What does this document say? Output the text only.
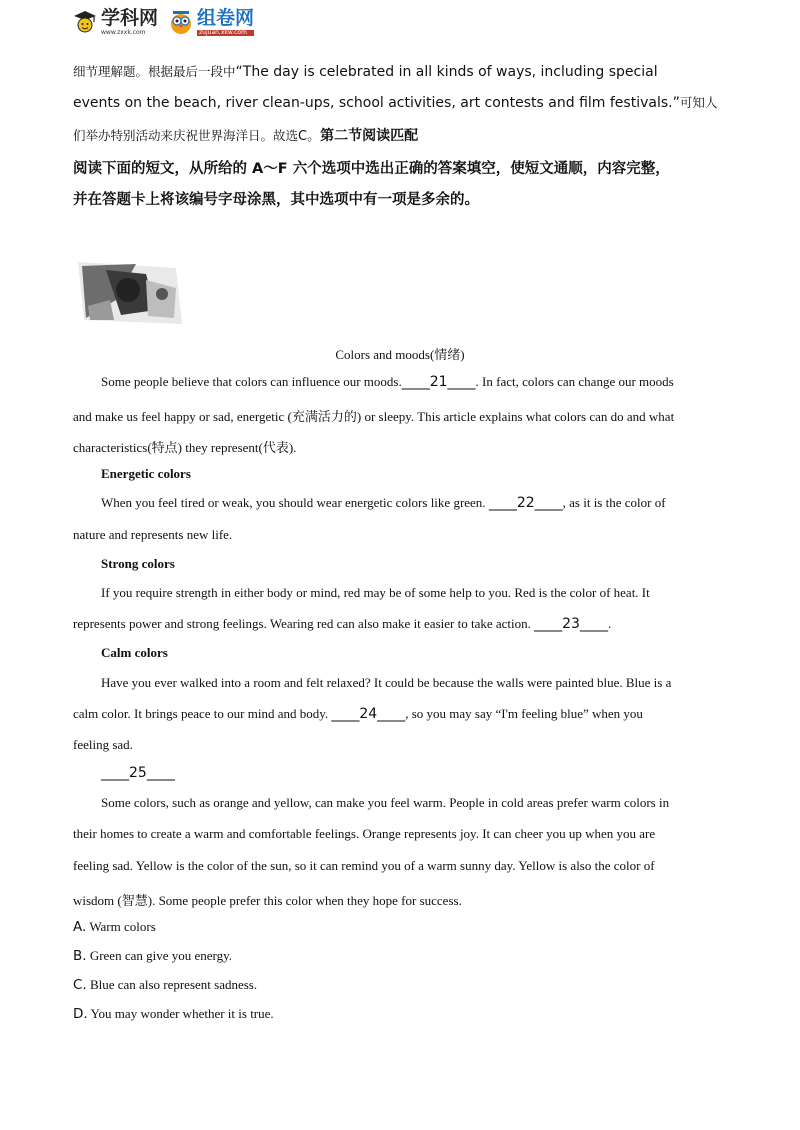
学科网
www.zxxk.com
组卷网
zujuan.xkw.com
细节理解题。根据最后一段中“The day is celebrated in all kinds of ways, including special
events on the beach, river clean-ups, school activities, art contests and film festivals.”可知人
们举办特别活动来庆祝世界海洋日。故选C。第二节阅读匹配
阅读下面的短文，从所给的 A～F 六个选项中选出正确的答案填空，使短文通顺，内容完整，
并在答题卡上将该编号字母涂黑，其中选项中有一项是多余的。
Colors and moods(情绪)
Some people believe that colors can influence our moods.____21____. In fact, colors can change our moods
and make us feel happy or sad, energetic (充满活力的) or sleepy. This article explains what colors can do and what
characteristics(特点) they represent(代表).
Energetic colors
When you feel tired or weak, you should wear energetic colors like green. ____22____, as it is the color of
nature and represents new life.
Strong colors
If you require strength in either body or mind, red may be of some help to you. Red is the color of heat. It
represents power and strong feelings. Wearing red can also make it easier to take action. ____23____.
Calm colors
Have you ever walked into a room and felt relaxed? It could be because the walls were painted blue. Blue is a
calm color. It brings peace to our mind and body. ____24____, so you may say “I'm feeling blue” when you
feeling sad.
____25____
Some colors, such as orange and yellow, can make you feel warm. People in cold areas prefer warm colors in
their homes to create a warm and comfortable feelings. Orange represents joy. It can cheer you up when you are
feeling sad. Yellow is the color of the sun, so it can remind you of a warm sunny day. Yellow is also the color of
wisdom (智慧). Some people prefer this color when they hope for success.
A. Warm colors
B. Green can give you energy.
C. Blue can also represent sadness.
D. You may wonder whether it is true.
